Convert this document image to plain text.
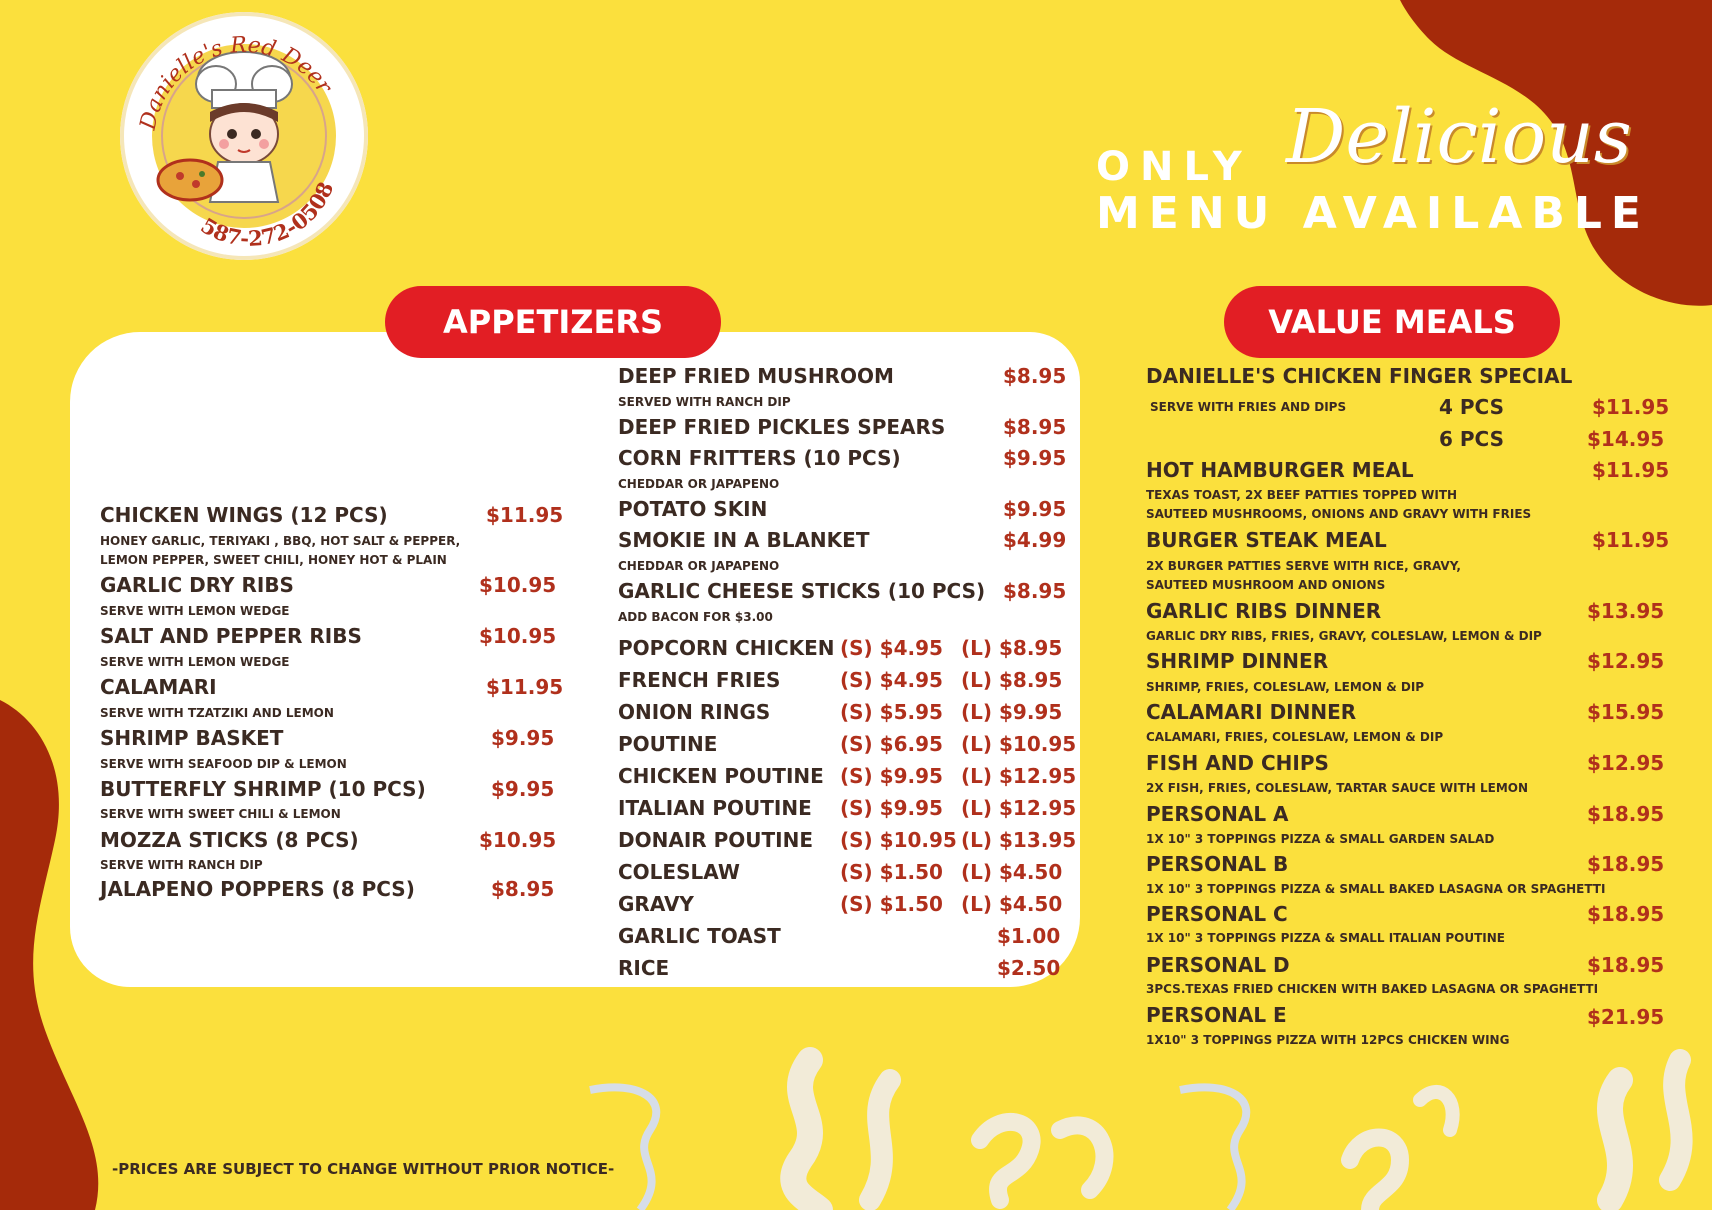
Danielle's Red Deer
587-272-0508	ONLY Delicious
MENU AVAILABLE
APPETIZERS	VALUE MEALS
CHICKEN WINGS (12 PCS)	$11.95
HONEY GARLIC, TERIYAKI , BBQ, HOT SALT & PEPPER,
LEMON PEPPER, SWEET CHILI, HONEY HOT & PLAIN
GARLIC DRY RIBS	$10.95
SERVE WITH LEMON WEDGE
SALT AND PEPPER RIBS	$10.95
SERVE WITH LEMON WEDGE
CALAMARI	$11.95
SERVE WITH TZATZIKI AND LEMON
SHRIMP BASKET	$9.95
SERVE WITH SEAFOOD DIP & LEMON
BUTTERFLY SHRIMP (10 PCS)	$9.95
SERVE WITH SWEET CHILI & LEMON
MOZZA STICKS (8 PCS)	$10.95
SERVE WITH RANCH DIP
JALAPENO POPPERS (8 PCS)	$8.95
DEEP FRIED MUSHROOM	$8.95
SERVED WITH RANCH DIP
DEEP FRIED PICKLES SPEARS	$8.95
CORN FRITTERS (10 PCS)	$9.95
CHEDDAR OR JAPAPENO
POTATO SKIN	$9.95
SMOKIE IN A BLANKET	$4.99
CHEDDAR OR JAPAPENO
GARLIC CHEESE STICKS (10 PCS) $8.95
ADD BACON FOR $3.00
POPCORN CHICKEN (S) $4.95 (L) $8.95
FRENCH FRIES	(S) $4.95 (L) $8.95
ONION RINGS	(S) $5.95 (L) $9.95
POUTINE	(S) $6.95 (L) $10.95
CHICKEN POUTINE (S) $9.95 (L) $12.95
ITALIAN POUTINE (S) $9.95 (L) $12.95
DONAIR POUTINE (S) $10.95 (L) $13.95
COLESLAW	(S) $1.50 (L) $4.50
GRAVY	(S) $1.50 (L) $4.50
GARLIC TOAST	$1.00
RICE	$2.50
DANIELLE'S CHICKEN FINGER SPECIAL
SERVE WITH FRIES AND DIPS	4 PCS	$11.95
6 PCS	$14.95
HOT HAMBURGER MEAL	$11.95
TEXAS TOAST, 2X BEEF PATTIES TOPPED WITH
SAUTEED MUSHROOMS, ONIONS AND GRAVY WITH FRIES
BURGER STEAK MEAL	$11.95
2X BURGER PATTIES SERVE WITH RICE, GRAVY,
SAUTEED MUSHROOM AND ONIONS
GARLIC RIBS DINNER	$13.95
GARLIC DRY RIBS, FRIES, GRAVY, COLESLAW, LEMON & DIP
SHRIMP DINNER	$12.95
SHRIMP, FRIES, COLESLAW, LEMON & DIP
CALAMARI DINNER	$15.95
CALAMARI, FRIES, COLESLAW, LEMON & DIP
FISH AND CHIPS	$12.95
2X FISH, FRIES, COLESLAW, TARTAR SAUCE WITH LEMON
PERSONAL A	$18.95
1X 10" 3 TOPPINGS PIZZA & SMALL GARDEN SALAD
PERSONAL B	$18.95
1X 10" 3 TOPPINGS PIZZA & SMALL BAKED LASAGNA OR SPAGHETTI
PERSONAL C	$18.95
1X 10" 3 TOPPINGS PIZZA & SMALL ITALIAN POUTINE
PERSONAL D	$18.95
3PCS.TEXAS FRIED CHICKEN WITH BAKED LASAGNA OR SPAGHETTI
PERSONAL E	$21.95
1X10" 3 TOPPINGS PIZZA WITH 12PCS CHICKEN WING
-PRICES ARE SUBJECT TO CHANGE WITHOUT PRIOR NOTICE-
